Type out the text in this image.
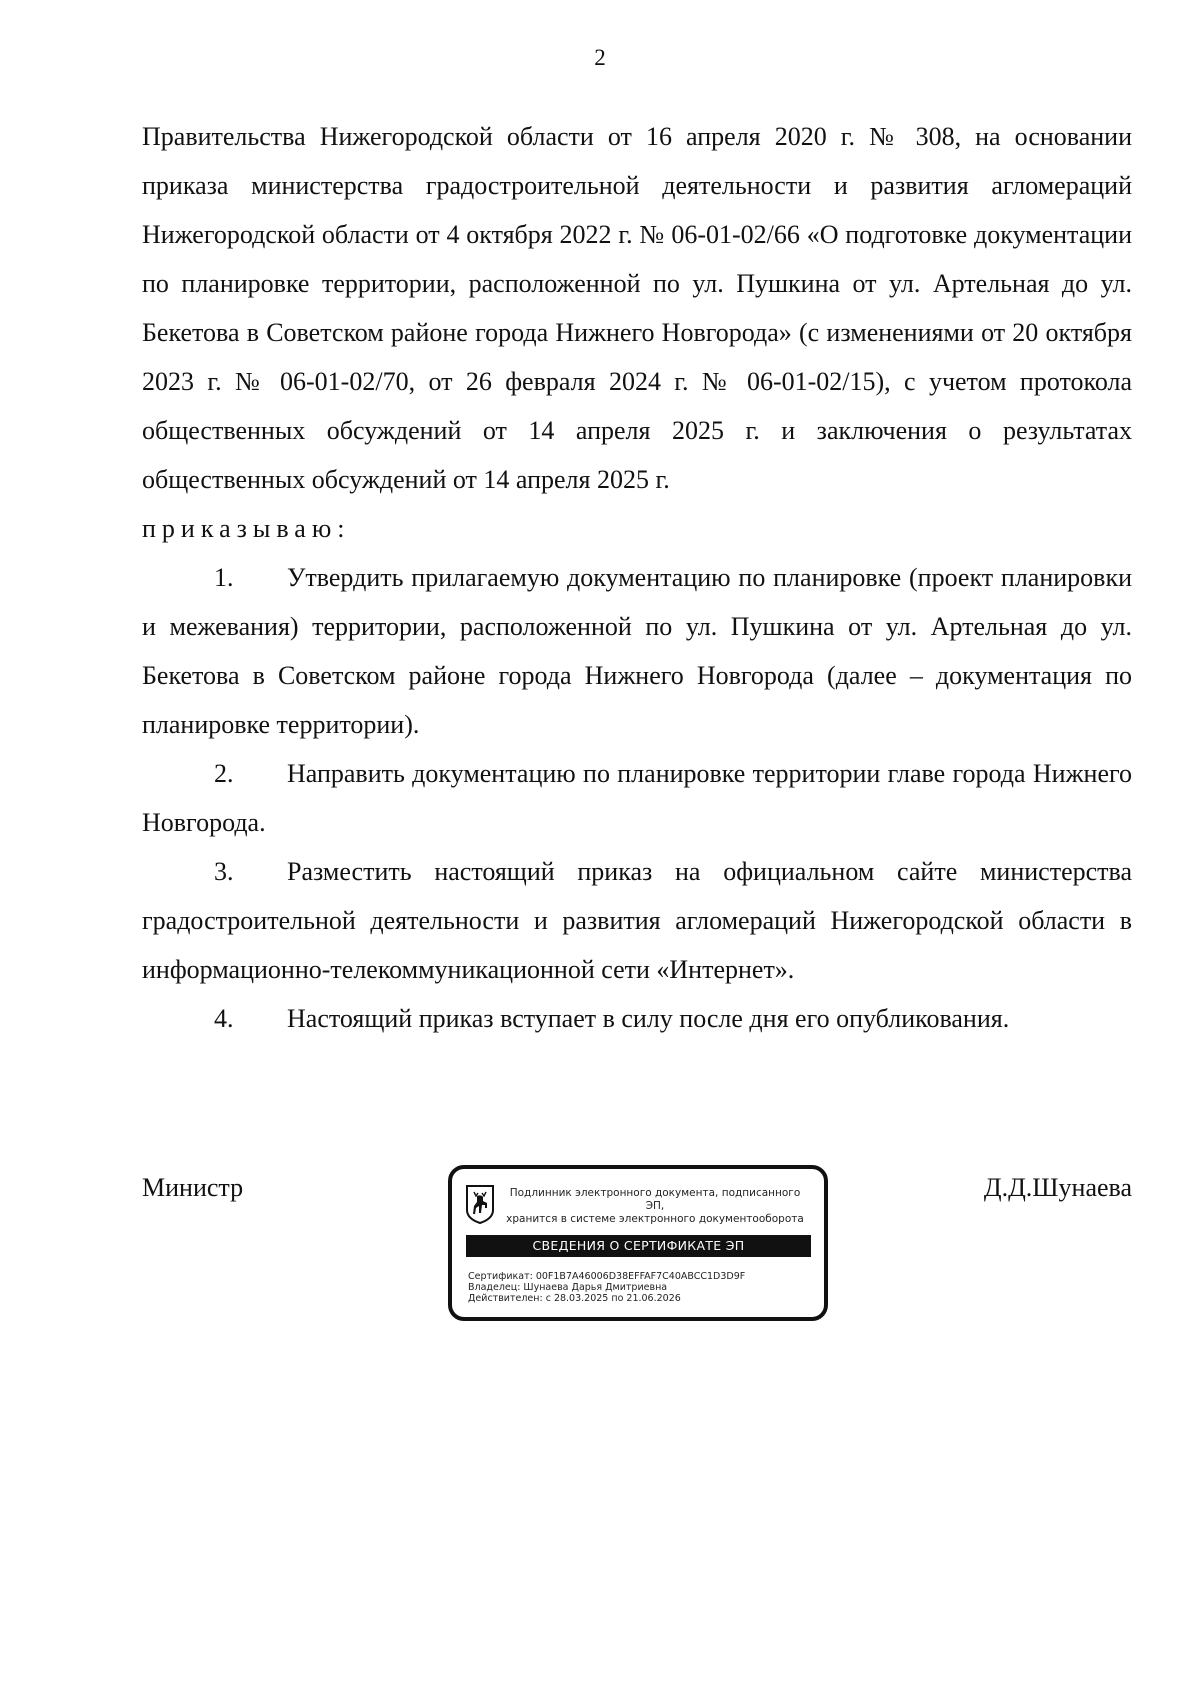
2

Правительства Нижегородской области от 16 апреля 2020 г. № 308, на основании приказа министерства градостроительной деятельности и развития агломераций Нижегородской области от 4 октября 2022 г. № 06-01-02/66 «О подготовке документации по планировке территории, расположенной по ул. Пушкина от ул. Артельная до ул. Бекетова в Советском районе города Нижнего Новгорода» (с изменениями от 20 октября 2023 г. № 06-01-02/70, от 26 февраля 2024 г. № 06-01-02/15), с учетом протокола общественных обсуждений от 14 апреля 2025 г. и заключения о результатах общественных обсуждений от 14 апреля 2025 г.

приказываю:

1. Утвердить прилагаемую документацию по планировке (проект планировки и межевания) территории, расположенной по ул. Пушкина от ул. Артельная до ул. Бекетова в Советском районе города Нижнего Новгорода (далее – документация по планировке территории).

2. Направить документацию по планировке территории главе города Нижнего Новгорода.

3. Разместить настоящий приказ на официальном сайте министерства градостроительной деятельности и развития агломераций Нижегородской области в информационно-телекоммуникационной сети «Интернет».

4. Настоящий приказ вступает в силу после дня его опубликования.

Министр	Подлинник электронного документа, подписанного ЭП,
хранится в системе электронного документооборота
СВЕДЕНИЯ О СЕРТИФИКАТЕ ЭП
Сертификат: 00F1B7A46006D38EFFAF7C40ABCC1D3D9F
Владелец: Шунаева Дарья Дмитриевна
Действителен: с 28.03.2025 по 21.06.2026
Д.Д.Шунаева
